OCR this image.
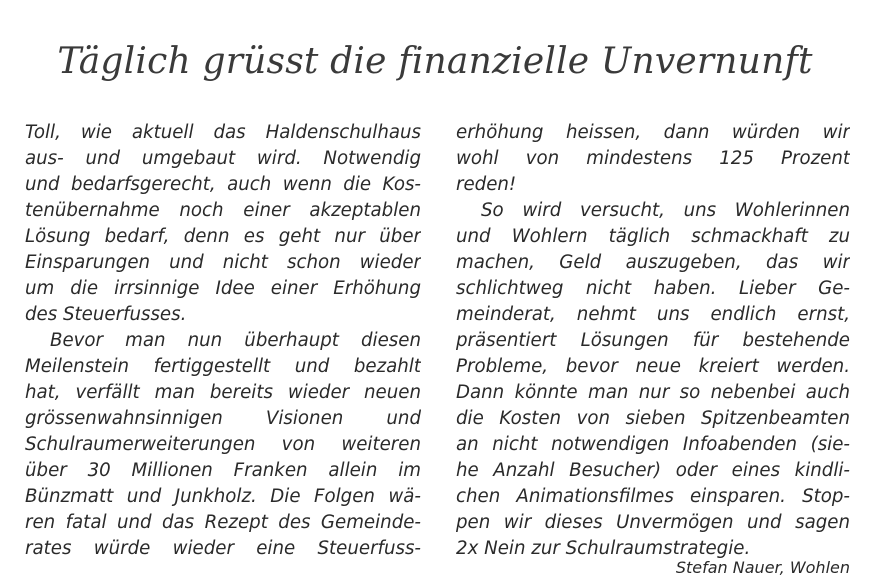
Täglich grüsst die finanzielle Unvernunft
Toll, wie aktuell das Haldenschulhaus
aus- und umgebaut wird. Notwendig
und bedarfsgerecht, auch wenn die Kos-
tenübernahme noch einer akzeptablen
Lösung bedarf, denn es geht nur über
Einsparungen und nicht schon wieder
um die irrsinnige Idee einer Erhöhung
des Steuerfusses.
Bevor man nun überhaupt diesen
Meilenstein fertiggestellt und bezahlt
hat, verfällt man bereits wieder neuen
grössenwahnsinnigen Visionen und
Schulraumerweiterungen von weiteren
über 30 Millionen Franken allein im
Bünzmatt und Junkholz. Die Folgen wä-
ren fatal und das Rezept des Gemeinde-
rates würde wieder eine Steuerfuss-
erhöhung heissen, dann würden wir
wohl von mindestens 125 Prozent
reden!
So wird versucht, uns Wohlerinnen
und Wohlern täglich schmackhaft zu
machen, Geld auszugeben, das wir
schlichtweg nicht haben. Lieber Ge-
meinderat, nehmt uns endlich ernst,
präsentiert Lösungen für bestehende
Probleme, bevor neue kreiert werden.
Dann könnte man nur so nebenbei auch
die Kosten von sieben Spitzenbeamten
an nicht notwendigen Infoabenden (sie-
he Anzahl Besucher) oder eines kindli-
chen Animationsfilmes einsparen. Stop-
pen wir dieses Unvermögen und sagen
2x Nein zur Schulraumstrategie.
Stefan Nauer, Wohlen
